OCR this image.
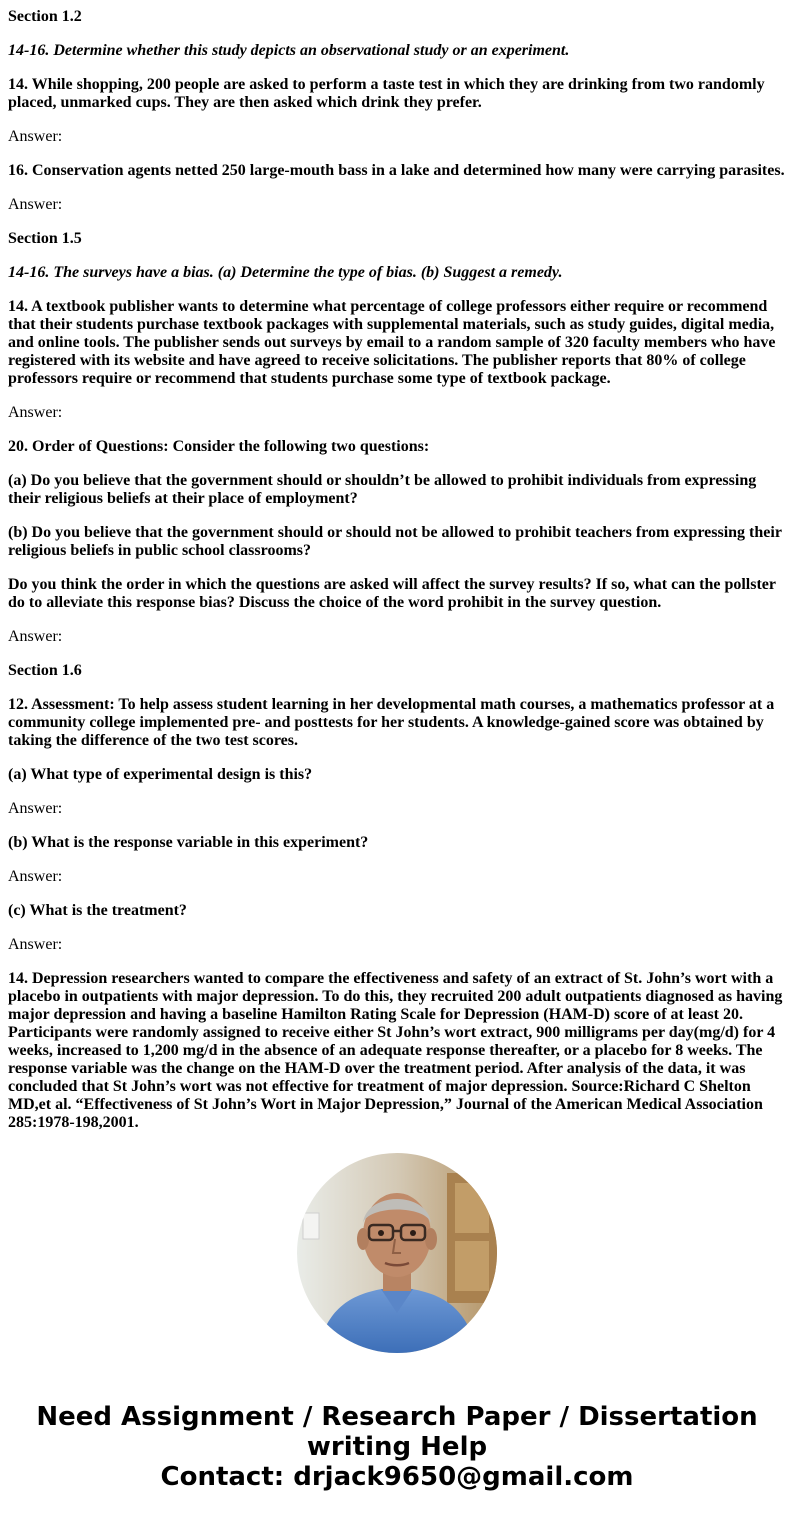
Section 1.2

14-16. Determine whether this study depicts an observational study or an experiment.

14. While shopping, 200 people are asked to perform a taste test in which they are drinking from two randomly placed, unmarked cups. They are then asked which drink they prefer.

Answer:

16. Conservation agents netted 250 large-mouth bass in a lake and determined how many were carrying parasites.

Answer:

Section 1.5

14-16. The surveys have a bias. (a) Determine the type of bias. (b) Suggest a remedy.

14. A textbook publisher wants to determine what percentage of college professors either require or recommend that their students purchase textbook packages with supplemental materials, such as study guides, digital media, and online tools. The publisher sends out surveys by email to a random sample of 320 faculty members who have registered with its website and have agreed to receive solicitations. The publisher reports that 80% of college professors require or recommend that students purchase some type of textbook package.

Answer:

20. Order of Questions: Consider the following two questions:

(a) Do you believe that the government should or shouldn’t be allowed to prohibit individuals from expressing their religious beliefs at their place of employment?

(b) Do you believe that the government should or should not be allowed to prohibit teachers from expressing their religious beliefs in public school classrooms?

Do you think the order in which the questions are asked will affect the survey results? If so, what can the pollster do to alleviate this response bias? Discuss the choice of the word prohibit in the survey question.

Answer:

Section 1.6

12. Assessment: To help assess student learning in her developmental math courses, a mathematics professor at a community college implemented pre- and posttests for her students. A knowledge-gained score was obtained by taking the difference of the two test scores.

(a) What type of experimental design is this?

Answer:

(b) What is the response variable in this experiment?

Answer:

(c) What is the treatment?

Answer:

14. Depression researchers wanted to compare the effectiveness and safety of an extract of St. John’s wort with a placebo in outpatients with major depression. To do this, they recruited 200 adult outpatients diagnosed as having major depression and having a baseline Hamilton Rating Scale for Depression (HAM-D) score of at least 20. Participants were randomly assigned to receive either St John’s wort extract, 900 milligrams per day(mg/d) for 4 weeks, increased to 1,200 mg/d in the absence of an adequate response thereafter, or a placebo for 8 weeks. The response variable was the change on the HAM-D over the treatment period. After analysis of the data, it was concluded that St John’s wort was not effective for treatment of major depression. Source:Richard C Shelton MD,et al. “Effectiveness of St John’s Wort in Major Depression,” Journal of the American Medical Association 285:1978-198,2001.

Need Assignment / Research Paper / Dissertation
writing Help
Contact: drjack9650@gmail.com
